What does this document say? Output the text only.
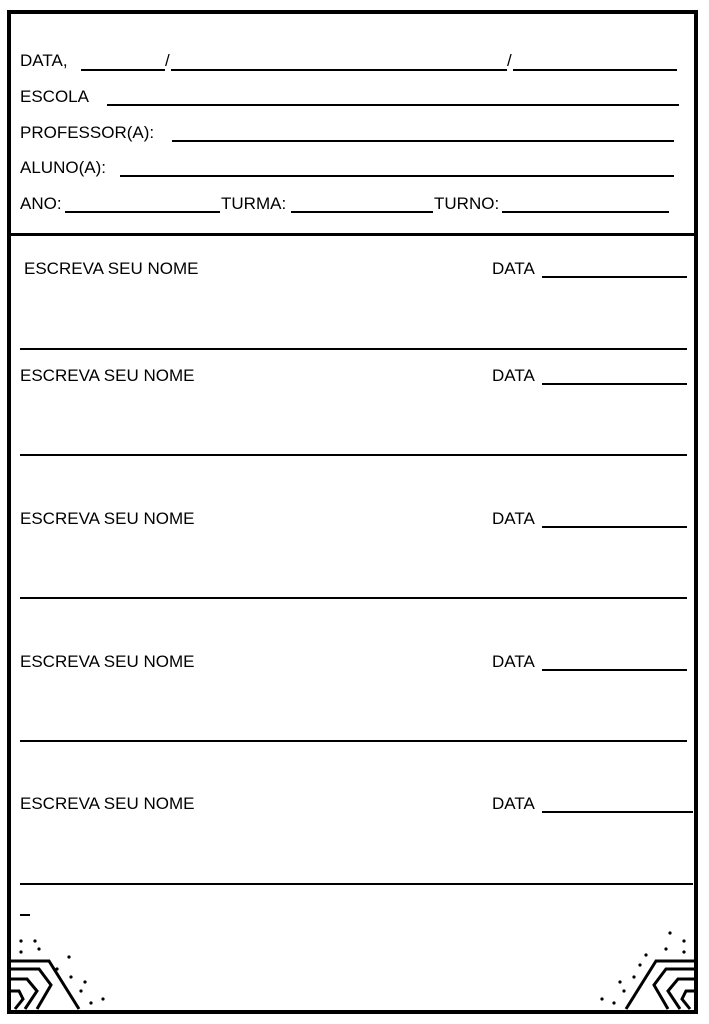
DATA,	/	/
ESCOLA
PROFESSOR(A):
ALUNO(A):
ANO:	TURMA:	TURNO:
ESCREVA SEU NOME	DATA
ESCREVA SEU NOME	DATA
ESCREVA SEU NOME	DATA
ESCREVA SEU NOME	DATA
ESCREVA SEU NOME	DATA
